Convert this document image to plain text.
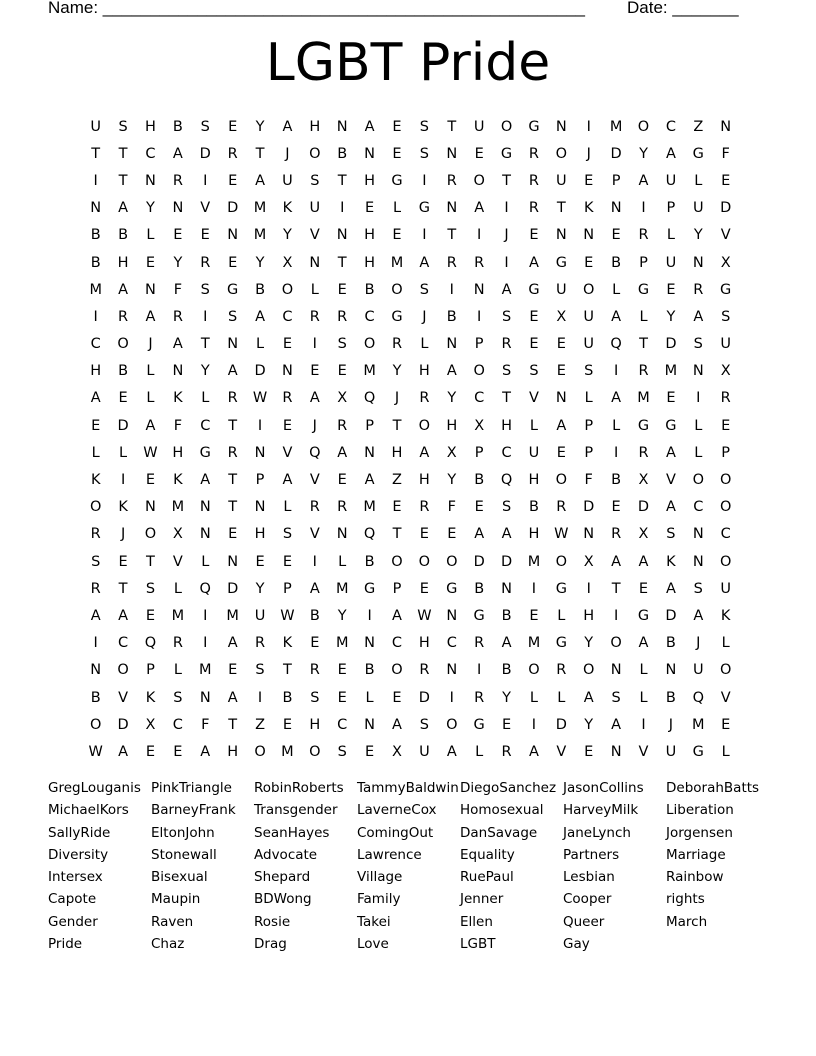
Name: ___________________________________________________ Date: _______
LGBT Pride
U	S	H	B	S	E	Y	A	H	N	A	E	S	T	U	O	G	N	I	M	O	C	Z	N
T	T	C	A	D	R	T	J	O	B	N	E	S	N	E	G	R	O	J	D	Y	A	G	F
I	T	N	R	I	E	A	U	S	T	H	G	I	R	O	T	R	U	E	P	A	U	L	E
N	A	Y	N	V	D	M	K	U	I	E	L	G	N	A	I	R	T	K	N	I	P	U	D
B	B	L	E	E	N	M	Y	V	N	H	E	I	T	I	J	E	N	N	E	R	L	Y	V
B	H	E	Y	R	E	Y	X	N	T	H	M	A	R	R	I	A	G	E	B	P	U	N	X
M	A	N	F	S	G	B	O	L	E	B	O	S	I	N	A	G	U	O	L	G	E	R	G
I	R	A	R	I	S	A	C	R	R	C	G	J	B	I	S	E	X	U	A	L	Y	A	S
C	O	J	A	T	N	L	E	I	S	O	R	L	N	P	R	E	E	U	Q	T	D	S	U
H	B	L	N	Y	A	D	N	E	E	M	Y	H	A	O	S	S	E	S	I	R	M	N	X
A	E	L	K	L	R	W	R	A	X	Q	J	R	Y	C	T	V	N	L	A	M	E	I	R
E	D	A	F	C	T	I	E	J	R	P	T	O	H	X	H	L	A	P	L	G	G	L	E
L	L	W	H	G	R	N	V	Q	A	N	H	A	X	P	C	U	E	P	I	R	A	L	P
K	I	E	K	A	T	P	A	V	E	A	Z	H	Y	B	Q	H	O	F	B	X	V	O	O
O	K	N	M	N	T	N	L	R	R	M	E	R	F	E	S	B	R	D	E	D	A	C	O
R	J	O	X	N	E	H	S	V	N	Q	T	E	E	A	A	H	W	N	R	X	S	N	C
S	E	T	V	L	N	E	E	I	L	B	O	O	O	D	D	M	O	X	A	A	K	N	O
R	T	S	L	Q	D	Y	P	A	M	G	P	E	G	B	N	I	G	I	T	E	A	S	U
A	A	E	M	I	M	U	W	B	Y	I	A	W	N	G	B	E	L	H	I	G	D	A	K
I	C	Q	R	I	A	R	K	E	M	N	C	H	C	R	A	M	G	Y	O	A	B	J	L
N	O	P	L	M	E	S	T	R	E	B	O	R	N	I	B	O	R	O	N	L	N	U	O
B	V	K	S	N	A	I	B	S	E	L	E	D	I	R	Y	L	L	A	S	L	B	Q	V
O	D	X	C	F	T	Z	E	H	C	N	A	S	O	G	E	I	D	Y	A	I	J	M	E
W	A	E	E	A	H	O	M	O	S	E	X	U	A	L	R	A	V	E	N	V	U	G	L
GregLouganis PinkTriangle	RobinRoberts TammyBaldwin DiegoSanchez JasonCollins	DeborahBatts
MichaelKors	BarneyFrank	Transgender	LaverneCox	Homosexual	HarveyMilk	Liberation
SallyRide	EltonJohn	SeanHayes	ComingOut	DanSavage	JaneLynch	Jorgensen
Diversity	Stonewall	Advocate	Lawrence	Equality	Partners	Marriage
Intersex	Bisexual	Shepard	Village	RuePaul	Lesbian	Rainbow
Capote	Maupin	BDWong	Family	Jenner	Cooper	rights
Gender	Raven	Rosie	Takei	Ellen	Queer	March
Pride	Chaz	Drag	Love	LGBT	Gay
